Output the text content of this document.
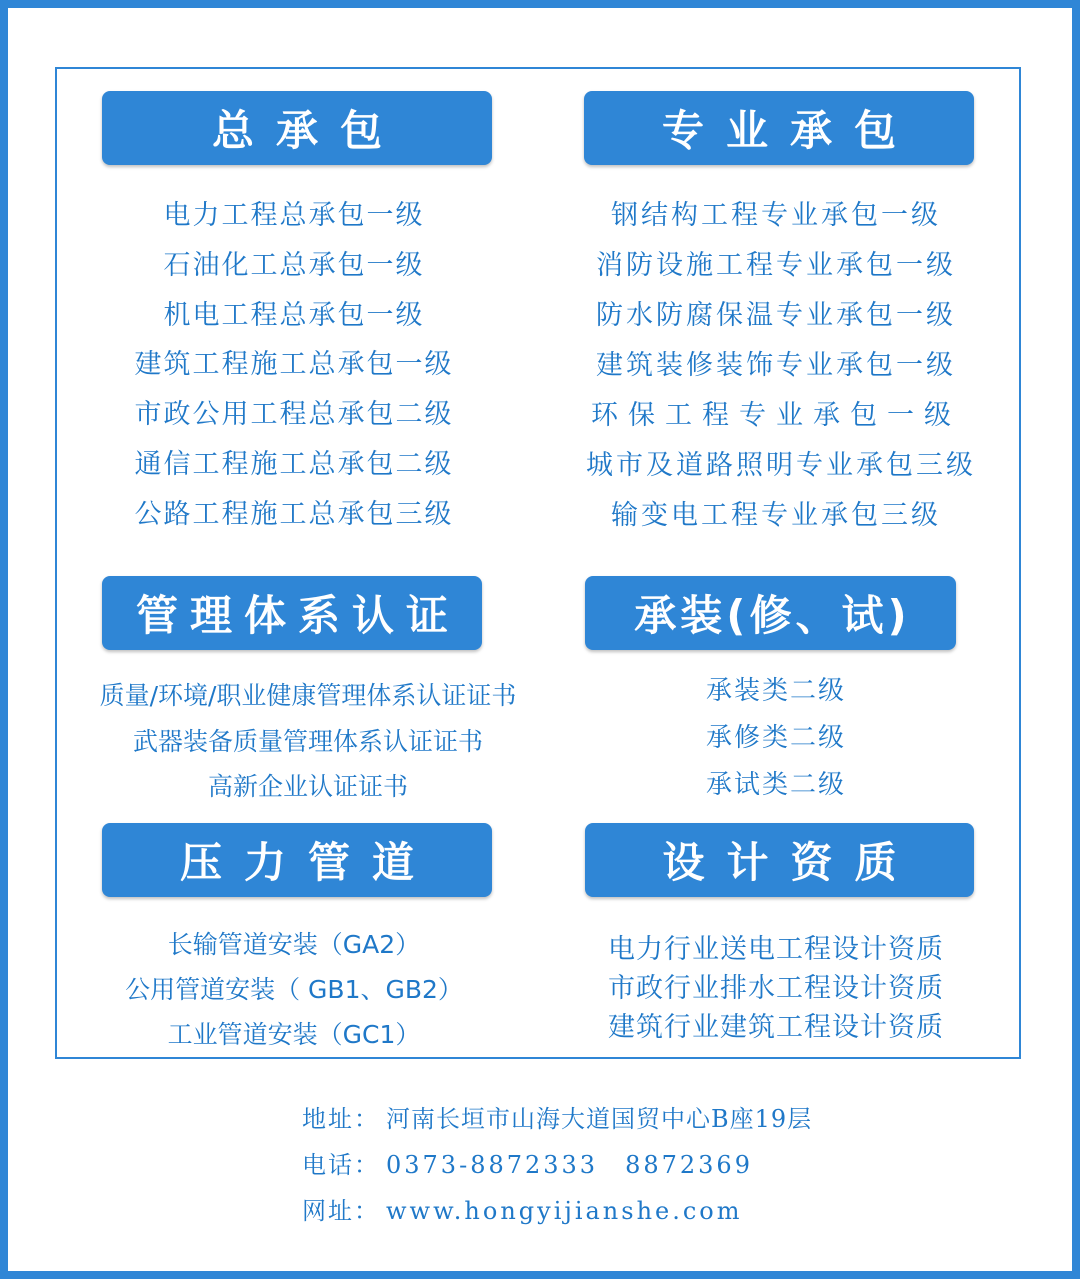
总承包
电力工程总承包一级
石油化工总承包一级
机电工程总承包一级
建筑工程施工总承包一级
市政公用工程总承包二级
通信工程施工总承包二级
公路工程施工总承包三级
专业承包
钢结构工程专业承包一级
消防设施工程专业承包一级
防水防腐保温专业承包一级
建筑装修装饰专业承包一级
环保工程专业承包一级
城市及道路照明专业承包三级
输变电工程专业承包三级
管理体系认证
质量/环境/职业健康管理体系认证证书
武器装备质量管理体系认证证书
高新企业认证证书
承装(修、试)
承装类二级
承修类二级
承试类二级
压力管道
长输管道安装（GA2）
公用管道安装（ GB1、GB2）
工业管道安装（GC1）
设计资质
电力行业送电工程设计资质
市政行业排水工程设计资质
建筑行业建筑工程设计资质
地址： 河南长垣市山海大道国贸中心B座19层
电话： 0373-8872333　8872369
网址： www.hongyijianshe.com
